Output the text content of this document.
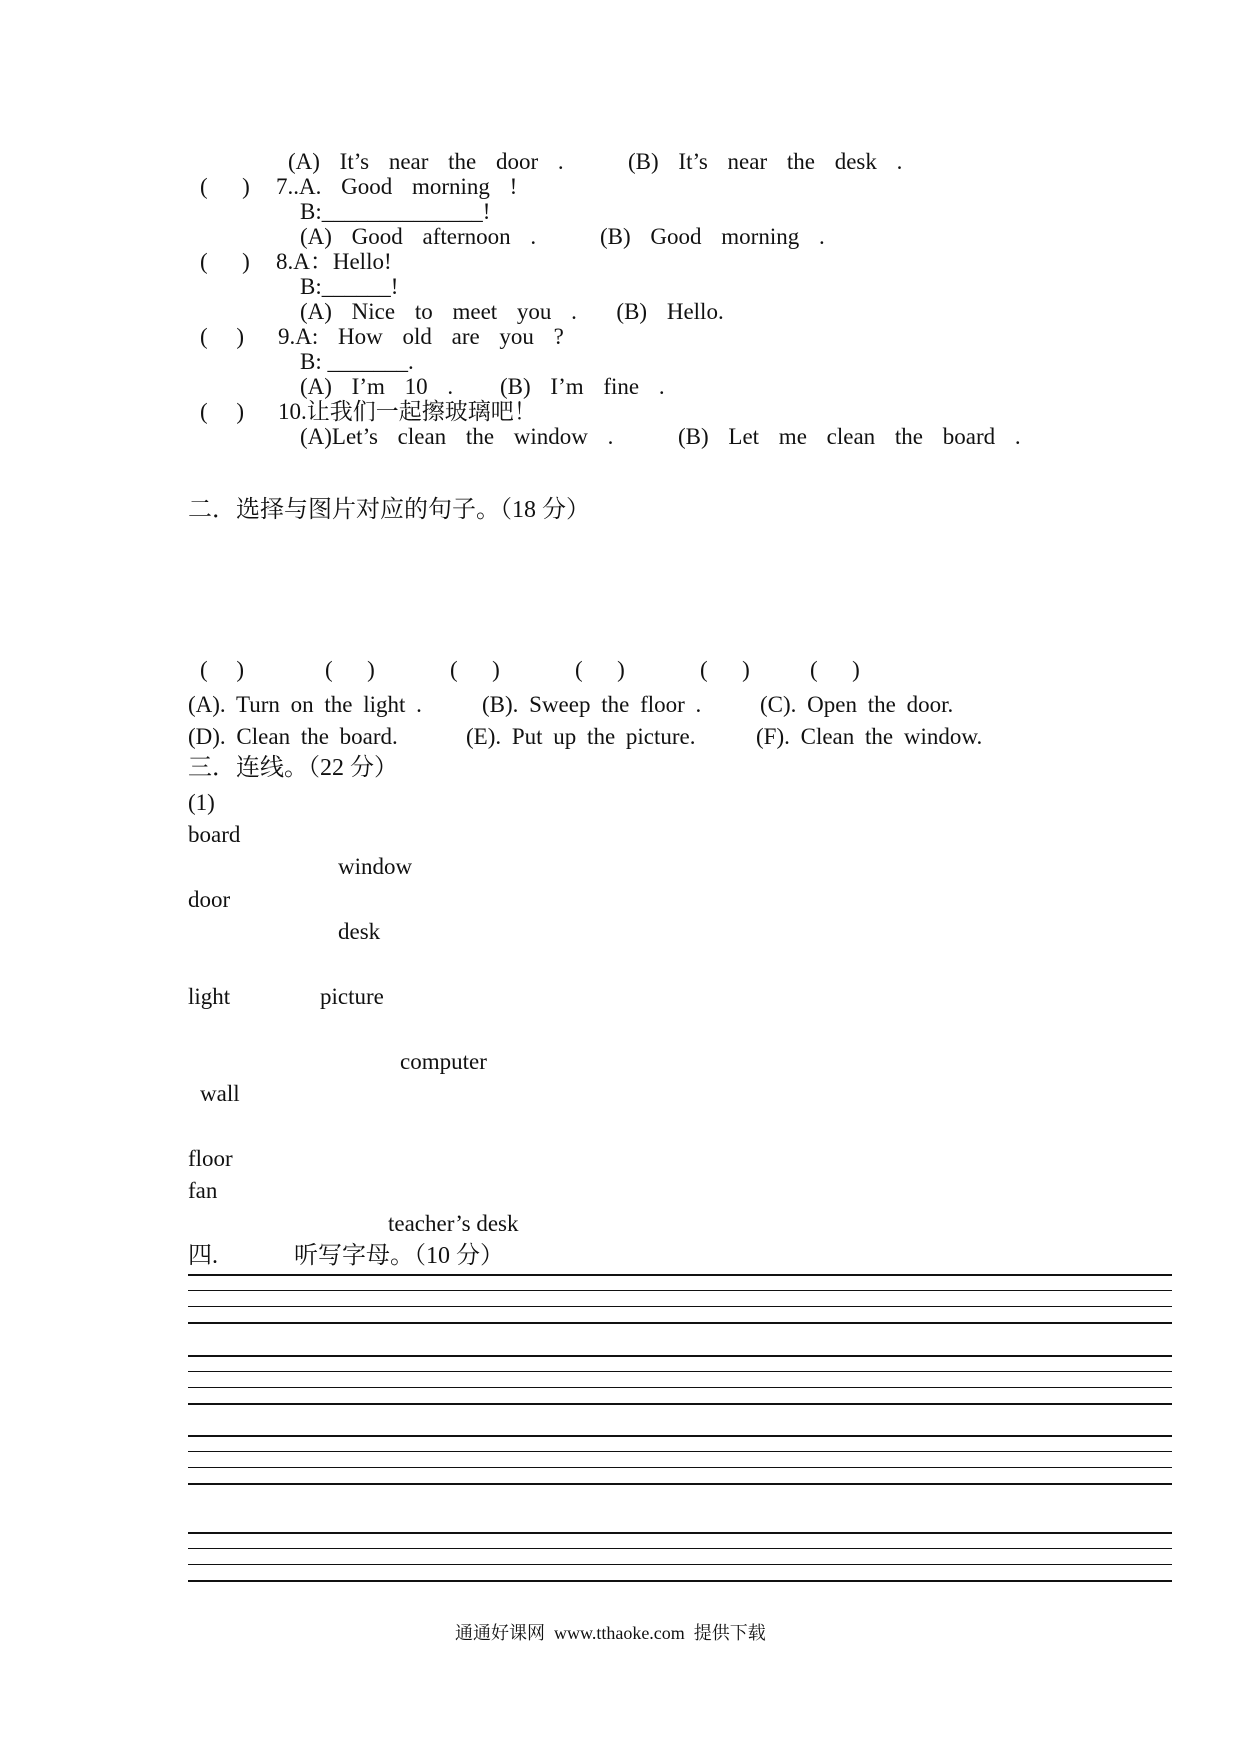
(A) It’s near the door .	(B) It’s near the desk .
(      ) 7..A. Good morning !
B:______________!
(A) Good afternoon .	(B) Good morning .
(      ) 8.A：Hello!
B:______!
(A) Nice to meet you .  (B) Hello.
(     ) 9.A: How old are you ?
B: _______.
(A) I’m 10 . (B) I’m fine .
(     ) 10.让我们一起擦玻璃吧！
(A)Let’s clean the window .	(B) Let me clean the board .
二．选择与图片对应的句子。（18 分）
(     )	(      )	(      )	(      )	(      )	(      )
(A). Turn on the light .	(B). Sweep the floor .	(C). Open the door.
(D). Clean the board.	(E). Put up the picture.	(F). Clean the window.
三．连线。（22 分）
(1)
board
window
door
desk
light	picture
computer
wall
floor
fan
teacher’s desk
四.	听写字母。（10 分）
通通好课网  www.tthaoke.com  提供下载
